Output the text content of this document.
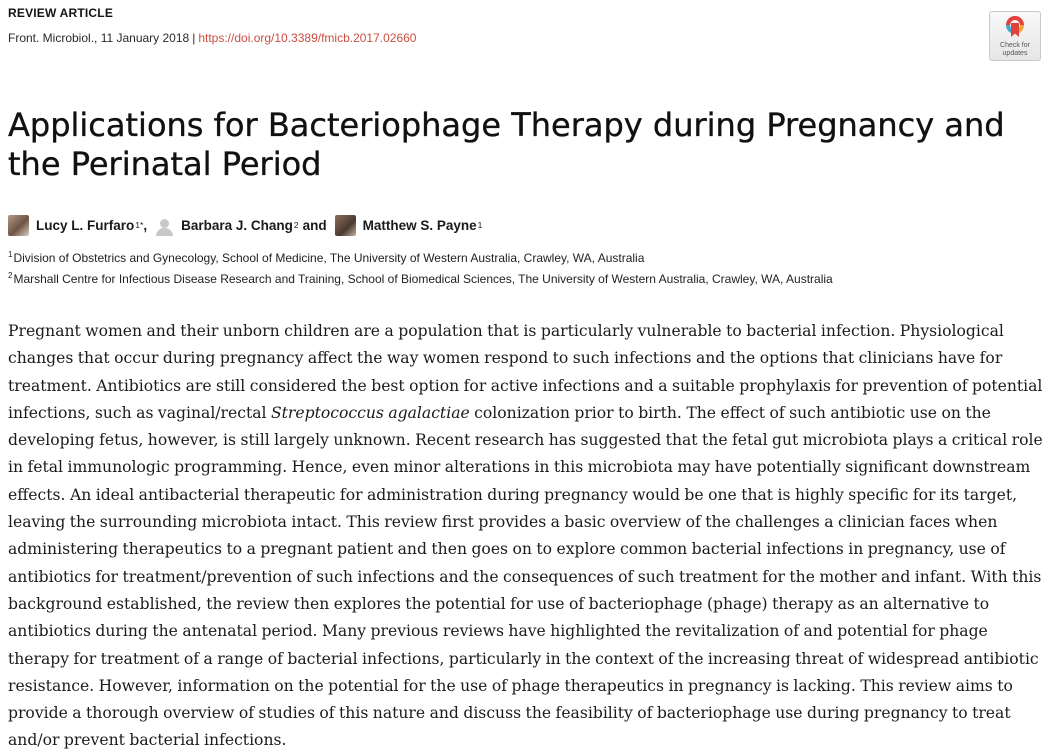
REVIEW ARTICLE
Front. Microbiol., 11 January 2018 | https://doi.org/10.3389/fmicb.2017.02660
Check for
updates
Applications for Bacteriophage Therapy during Pregnancy and the Perinatal Period
Lucy L. Furfaro 1* ,	Barbara J. Chang 2 and	Matthew S. Payne 1
$^1$Division of Obstetrics and Gynecology, School of Medicine, The University of Western Australia, Crawley, WA, Australia
$^2$Marshall Centre for Infectious Disease Research and Training, School of Biomedical Sciences, The University of Western Australia, Crawley, WA, Australia

Pregnant women and their unborn children are a population that is particularly vulnerable to bacterial infection. Physiological changes that occur during pregnancy affect the way women respond to such infections and the options that clinicians have for treatment. Antibiotics are still considered the best option for active infections and a suitable prophylaxis for prevention of potential infections, such as vaginal/rectal Streptococcus agalactiae colonization prior to birth. The effect of such antibiotic use on the developing fetus, however, is still largely unknown. Recent research has suggested that the fetal gut microbiota plays a critical role in fetal immunologic programming. Hence, even minor alterations in this microbiota may have potentially significant downstream effects. An ideal antibacterial therapeutic for administration during pregnancy would be one that is highly specific for its target, leaving the surrounding microbiota intact. This review first provides a basic overview of the challenges a clinician faces when administering therapeutics to a pregnant patient and then goes on to explore common bacterial infections in pregnancy, use of antibiotics for treatment/prevention of such infections and the consequences of such treatment for the mother and infant. With this background established, the review then explores the potential for use of bacteriophage (phage) therapy as an alternative to antibiotics during the antenatal period. Many previous reviews have highlighted the revitalization of and potential for phage therapy for treatment of a range of bacterial infections, particularly in the context of the increasing threat of widespread antibiotic resistance. However, information on the potential for the use of phage therapeutics in pregnancy is lacking. This review aims to provide a thorough overview of studies of this nature and discuss the feasibility of bacteriophage use during pregnancy to treat and/or prevent bacterial infections.
